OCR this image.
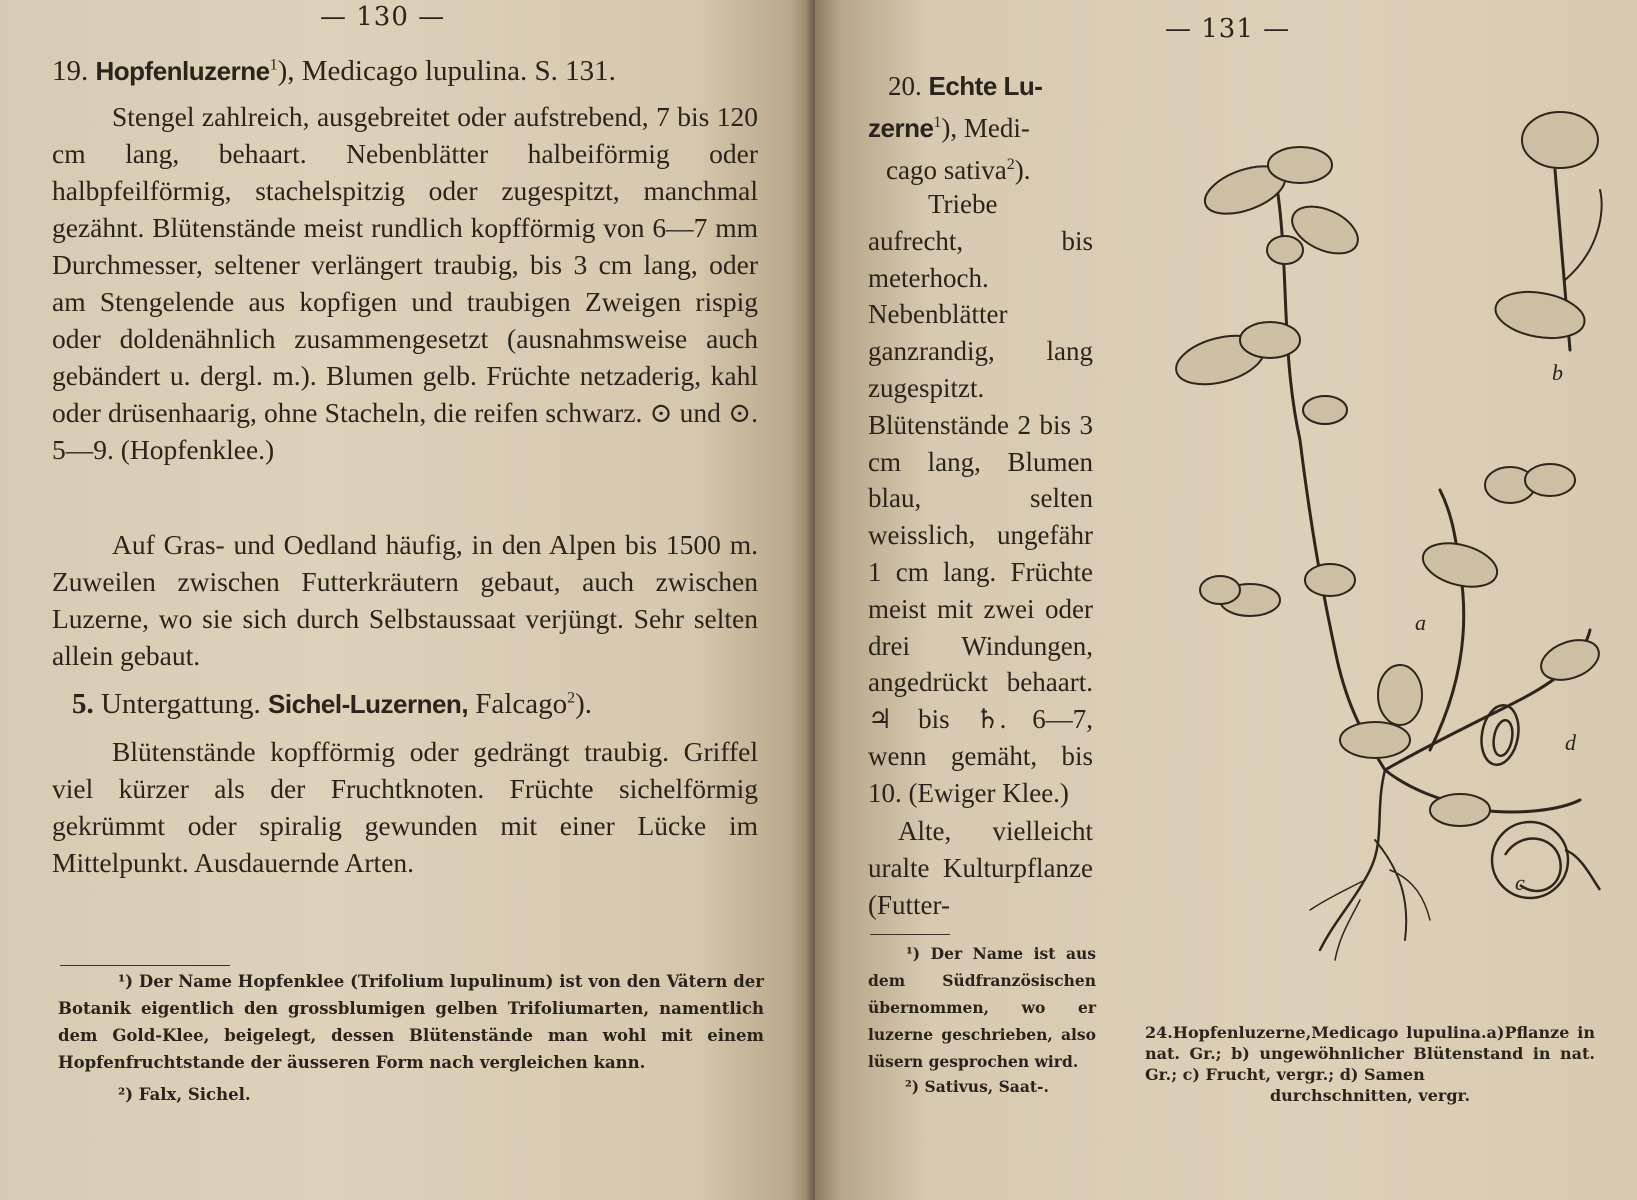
— 130 —
19. Hopfenluzerne$^1$), Medicago lupulina. S. 131.
Stengel zahlreich, ausgebreitet oder aufstrebend, 7 bis 120 cm lang, behaart. Nebenblätter halbeiförmig oder halbpfeilförmig, stachelspitzig oder zugespitzt, manchmal gezähnt. Blütenstände meist rundlich kopfförmig von 6—7 mm Durchmesser, seltener verlängert traubig, bis 3 cm lang, oder am Stengelende aus kopfigen und traubigen Zweigen rispig oder doldenähnlich zusammengesetzt (ausnahmsweise auch gebändert u. dergl. m.). Blumen gelb. Früchte netzaderig, kahl oder drüsenhaarig, ohne Stacheln, die reifen schwarz. ⊙ und ⊙. 5—9. (Hopfenklee.)
Auf Gras- und Oedland häufig, in den Alpen bis 1500 m. Zuweilen zwischen Futterkräutern gebaut, auch zwischen Luzerne, wo sie sich durch Selbstaussaat verjüngt. Sehr selten allein gebaut.
5. Untergattung. Sichel-Luzernen, Falcago$^2$).
Blütenstände kopfförmig oder gedrängt traubig. Griffel viel kürzer als der Fruchtknoten. Früchte sichelförmig gekrümmt oder spiralig gewunden mit einer Lücke im Mittelpunkt. Ausdauernde Arten.
¹) Der Name Hopfenklee (Trifolium lupulinum) ist von den Vätern der Botanik eigentlich den grossblumigen gelben Trifoliumarten, namentlich dem Gold-Klee, beigelegt, dessen Blütenstände man wohl mit einem Hopfenfruchtstande der äusseren Form nach vergleichen kann.
²) Falx, Sichel.
— 131 —
20. Echte Lu-
zerne$^1$), Medi-
cago sativa$^2$).
Triebe aufrecht, bis meterhoch. Nebenblätter ganzrandig, lang zugespitzt. Blütenstände 2 bis 3 cm lang, Blumen blau, selten weisslich, ungefähr 1 cm lang. Früchte meist mit zwei oder drei Windungen, angedrückt behaart. ♃ bis ♄. 6—7, wenn gemäht, bis 10. (Ewiger Klee.)
Alte, vielleicht uralte Kulturpflanze (Futter-
¹) Der Name ist aus dem Südfranzösischen übernommen, wo er luzerne geschrieben, also lüsern gesprochen wird.
²) Sativus, Saat-.
a
b
c
d
24.Hopfenluzerne,Medicago lupulina.a)Pflanze in nat. Gr.; b) ungewöhnlicher Blütenstand in nat. Gr.; c) Frucht, vergr.; d) Samen
durchschnitten, vergr.
